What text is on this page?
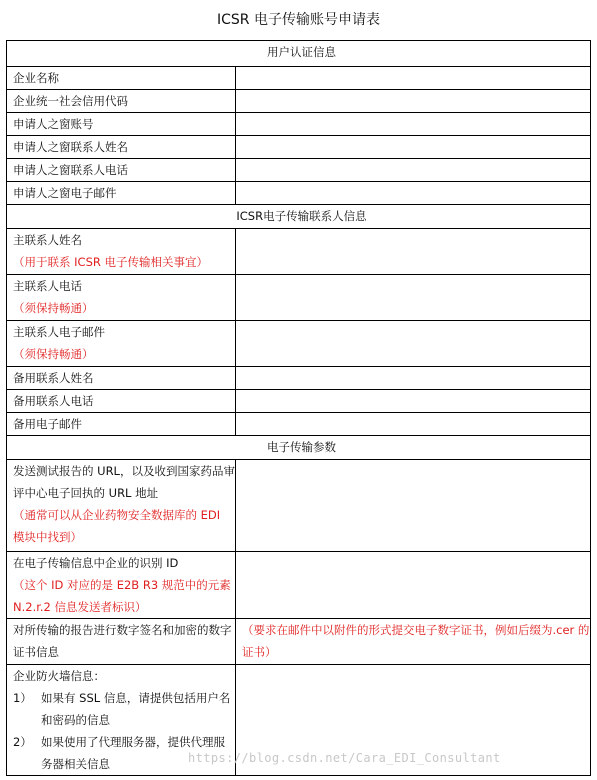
ICSR 电子传输账号申请表
用户认证信息	
企业名称	
企业统一社会信用代码	
申请人之窗账号	
申请人之窗联系人姓名	
申请人之窗联系人电话	
申请人之窗电子邮件	
ICSR电子传输联系人信息	
主联系人姓名
（用于联系 ICSR 电子传输相关事宜）	

主联系人电话
（须保持畅通）	

主联系人电子邮件
（须保持畅通）	

备用联系人姓名	
备用联系人电话	
备用电子邮件	
电子传输参数	

发送测试报告的 URL，以及收到国家药品审评中心电子回执的 URL 地址
（通常可以从企业药物安全数据库的 EDI 模块中找到）	

在电子传输信息中企业的识别 ID
（这个 ID 对应的是 E2B R3 规范中的元素 N.2.r.2 信息发送者标识）	

对所传输的报告进行数字签名和加密的数字证书信息	（要求在邮件中以附件的形式提交电子数字证书，例如后缀为.cer 的证书）

企业防火墙信息：
1） 如果有 SSL 信息，请提供包括用户名和密码的信息
2） 如果使用了代理服务器，提供代理服务器相关信息	
		https://blog.csdn.net/Cara_EDI_Consultant
